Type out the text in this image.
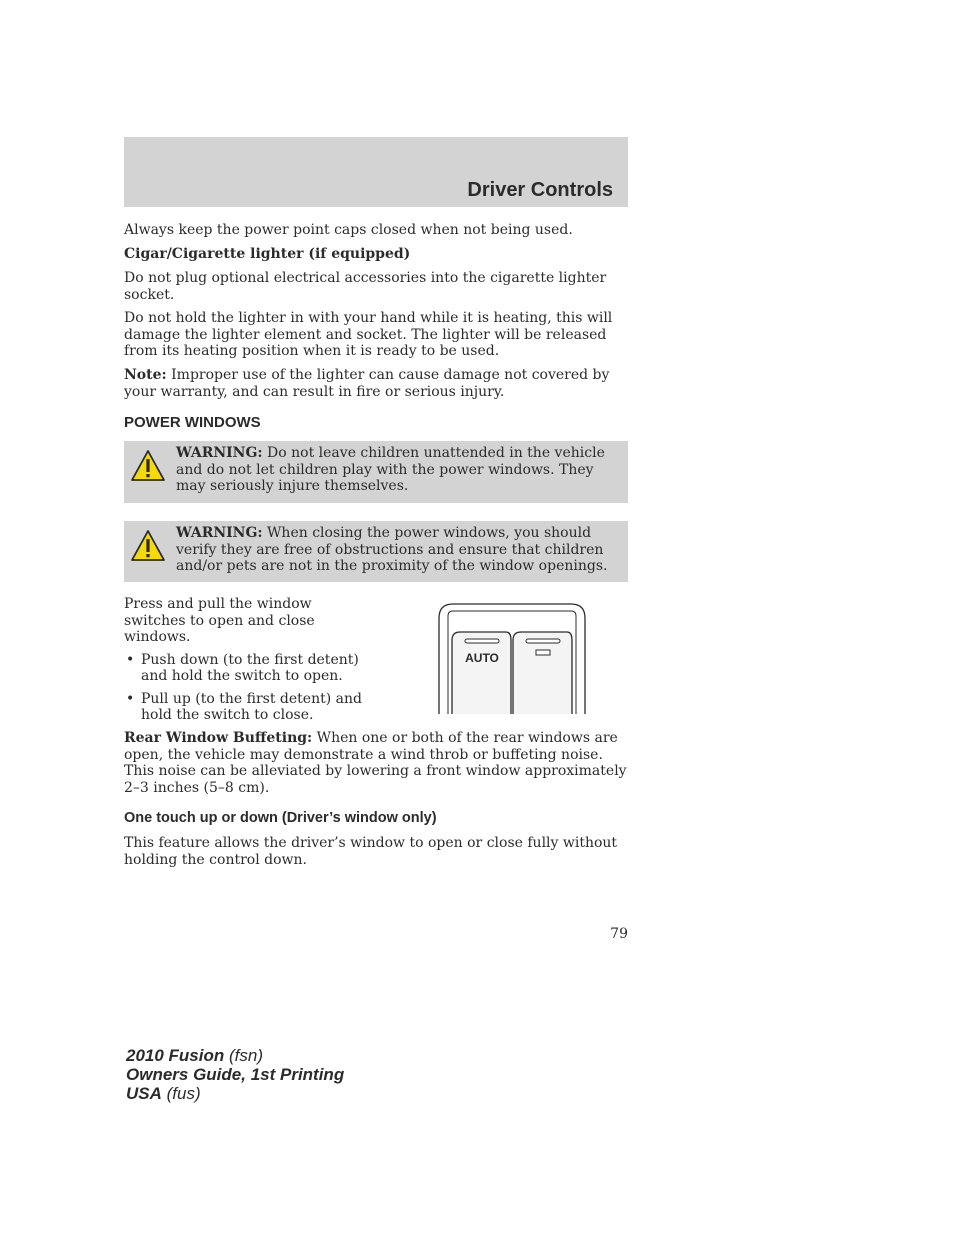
Driver Controls

Always keep the power point caps closed when not being used.

Cigar/Cigarette lighter (if equipped)

Do not plug optional electrical accessories into the cigarette lighter socket.

Do not hold the lighter in with your hand while it is heating, this will damage the lighter element and socket. The lighter will be released from its heating position when it is ready to be used.

Note: Improper use of the lighter can cause damage not covered by your warranty, and can result in fire or serious injury.

POWER WINDOWS

WARNING: Do not leave children unattended in the vehicle and do not let children play with the power windows. They may seriously injure themselves.

WARNING: When closing the power windows, you should verify they are free of obstructions and ensure that children and/or pets are not in the proximity of the window openings.

Press and pull the window switches to open and close windows.

• Push down (to the first detent) and hold the switch to open.
• Pull up (to the first detent) and hold the switch to close.
AUTO

Rear Window Buffeting: When one or both of the rear windows are open, the vehicle may demonstrate a wind throb or buffeting noise. This noise can be alleviated by lowering a front window approximately
2–3 inches (5–8 cm).

One touch up or down (Driver’s window only)

This feature allows the driver’s window to open or close fully without holding the control down.

79
2010 Fusion (fsn)
Owners Guide, 1st Printing
USA (fus)
